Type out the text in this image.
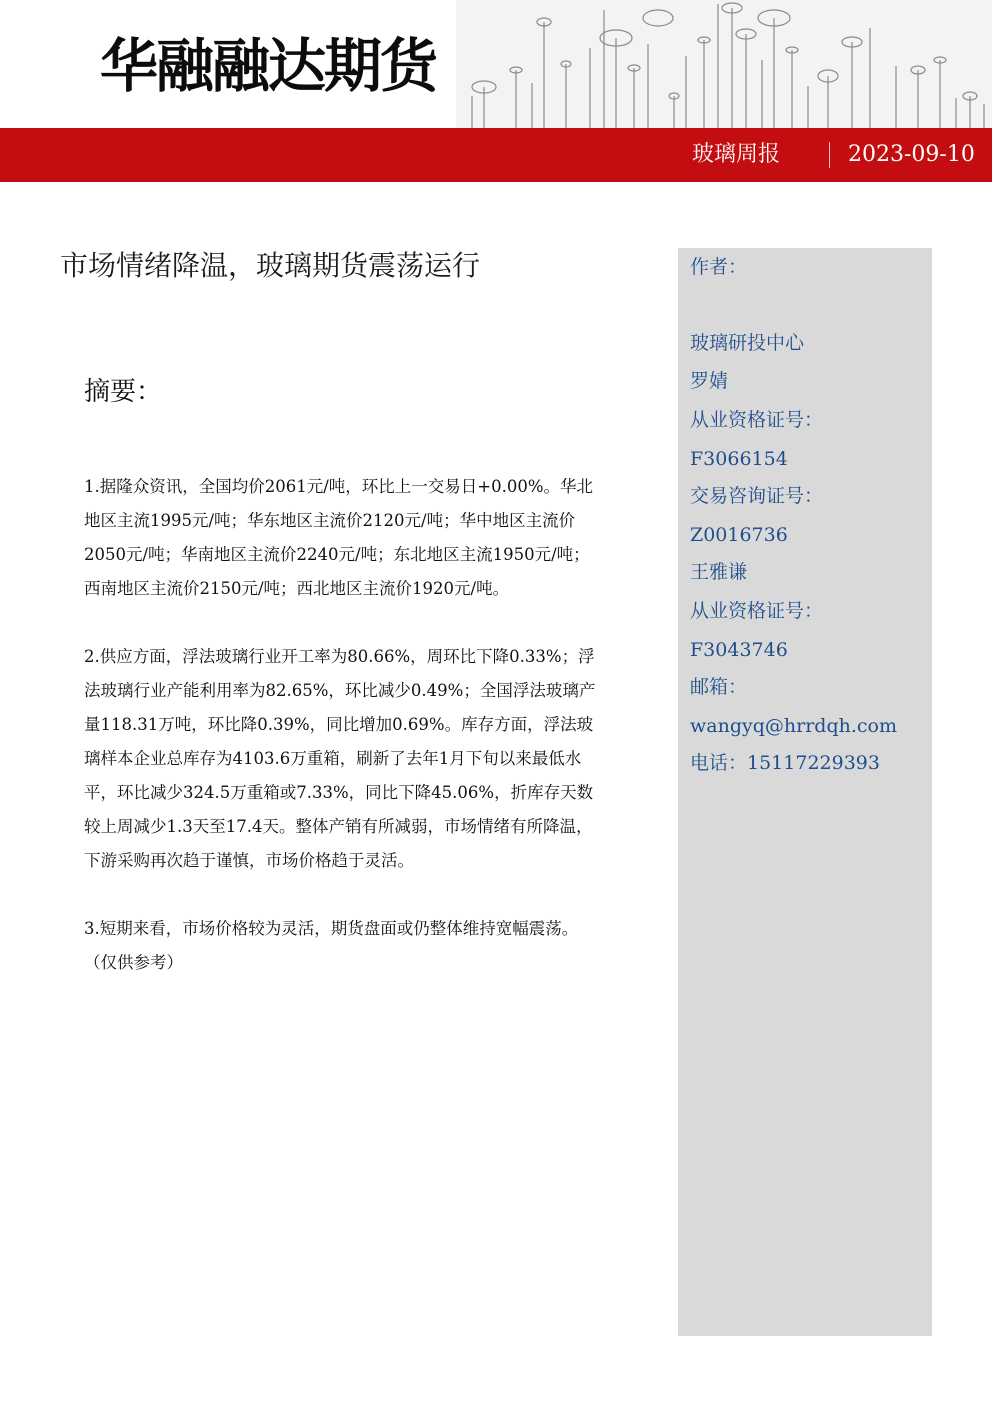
华融融达期货
玻璃周报	2023-09-10
市场情绪降温，玻璃期货震荡运行
摘要：

1.据隆众资讯，全国均价2061元/吨，环比上一交易日+0.00%。华北地区主流1995元/吨；华东地区主流价2120元/吨；华中地区主流价2050元/吨；华南地区主流价2240元/吨；东北地区主流1950元/吨；西南地区主流价2150元/吨；西北地区主流价1920元/吨。

2.供应方面，浮法玻璃行业开工率为80.66%，周环比下降0.33%；浮法玻璃行业产能利用率为82.65%，环比减少0.49%；全国浮法玻璃产量118.31万吨，环比降0.39%，同比增加0.69%。库存方面，浮法玻璃样本企业总库存为4103.6万重箱，刷新了去年1月下旬以来最低水平，环比减少324.5万重箱或7.33%，同比下降45.06%，折库存天数较上周减少1.3天至17.4天。整体产销有所减弱，市场情绪有所降温，下游采购再次趋于谨慎，市场价格趋于灵活。

3.短期来看，市场价格较为灵活，期货盘面或仍整体维持宽幅震荡。（仅供参考）

作者：
玻璃研投中心
罗婧
从业资格证号：
F3066154
交易咨询证号：
Z0016736
王雅谦
从业资格证号：
F3043746
邮箱：
wangyq@hrrdqh.com
电话：15117229393
